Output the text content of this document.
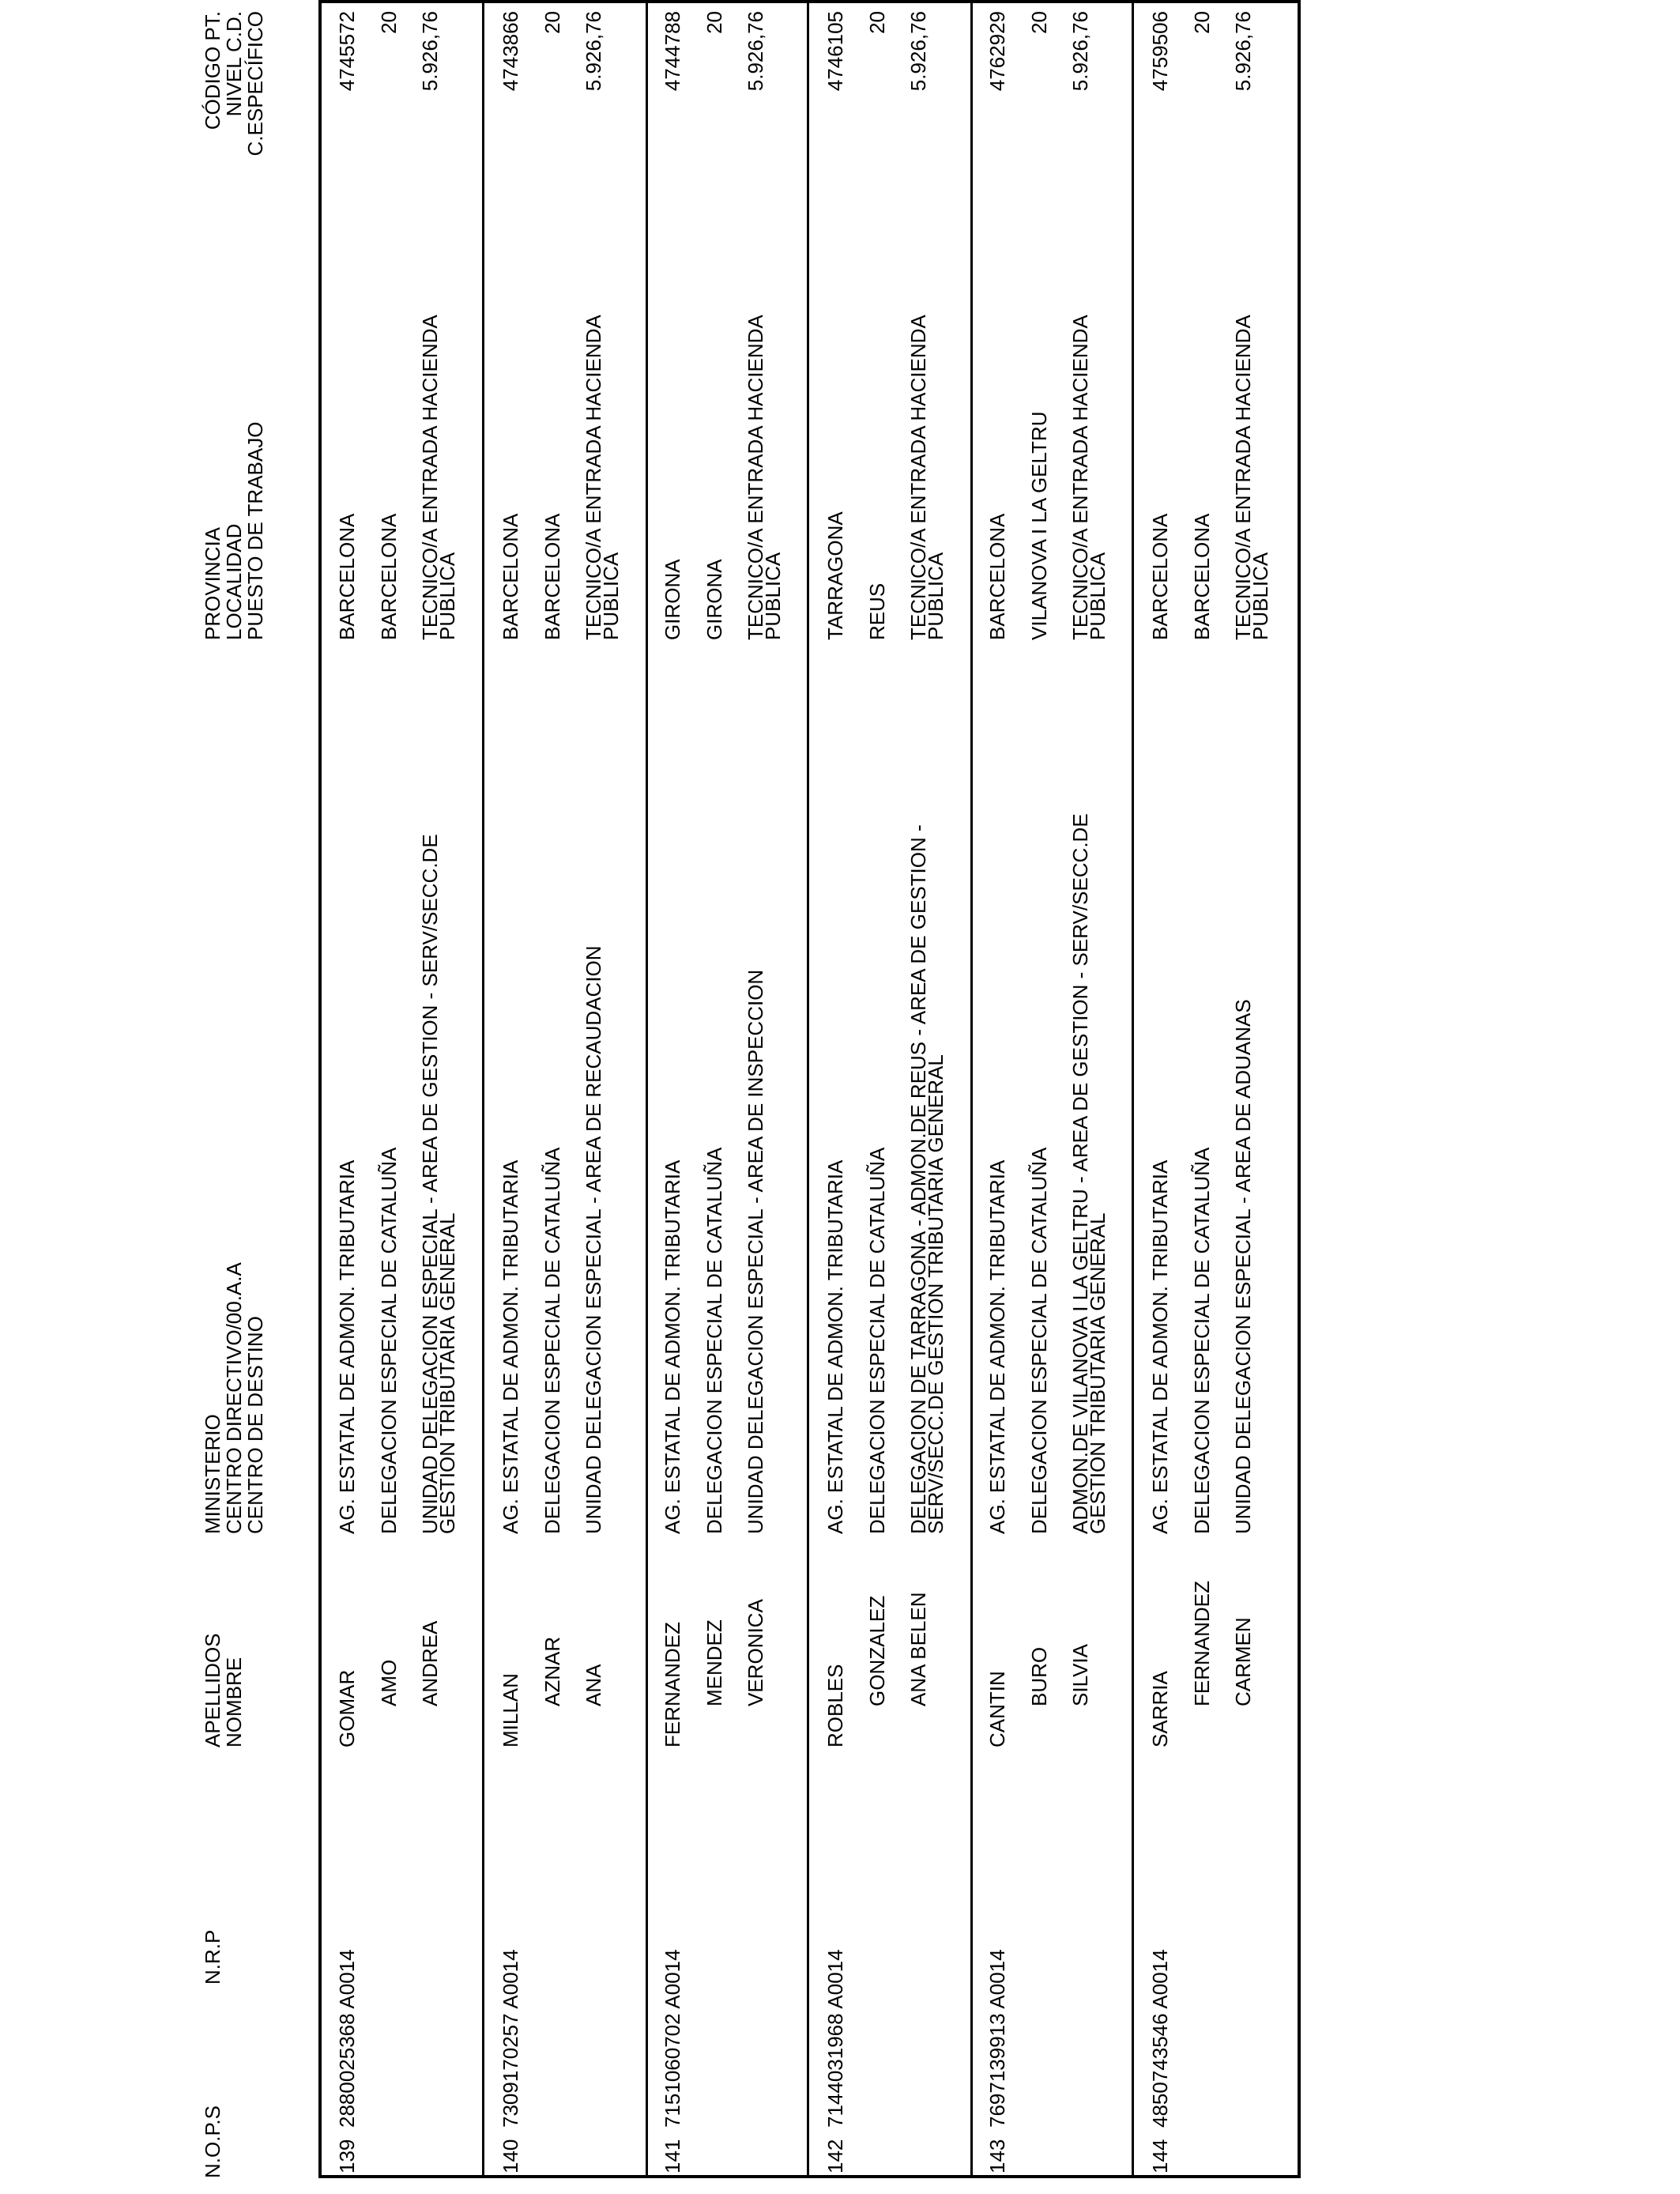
N.O.P.S
N.R.P
APELLIDOS
NOMBRE
MINISTERIO
CENTRO DIRECTIVO/00.A.A
CENTRO DE DESTINO
PROVINCIA
LOCALIDAD
PUESTO DE TRABAJO
CÓDIGO PT.
NIVEL C.D.
C.ESPECÍFICO
139
2880025368 A0014
GOMAR AMO ANDREA
AG. ESTATAL DE ADMON. TRIBUTARIA DELEGACION ESPECIAL DE CATALUÑA UNIDAD DELEGACION ESPECIAL - AREA DE GESTION - SERV/SECC.DE
GESTION TRIBUTARIA GENERAL
BARCELONA BARCELONA TECNICO/A ENTRADA HACIENDA
PUBLICA
4745572 20 5.926,76
140
7309170257 A0014
MILLAN
AZNAR ANA
AG. ESTATAL DE ADMON. TRIBUTARIA DELEGACION ESPECIAL DE CATALUÑA UNIDAD DELEGACION ESPECIAL - AREA DE RECAUDACION
BARCELONA BARCELONA TECNICO/A ENTRADA HACIENDA
PUBLICA
4743866 20 5.926,76
141
7151060702 A0014
FERNANDEZ MENDEZ VERONICA
AG. ESTATAL DE ADMON. TRIBUTARIA DELEGACION ESPECIAL DE CATALUÑA UNIDAD DELEGACION ESPECIAL - AREA DE INSPECCION
GIRONA GIRONA TECNICO/A ENTRADA HACIENDA
PUBLICA
4744788 20 5.926,76
142
7144031968 A0014
ROBLES GONZALEZ ANA BELEN
AG. ESTATAL DE ADMON. TRIBUTARIA DELEGACION ESPECIAL DE CATALUÑA DELEGACION DE TARRAGONA - ADMON.DE REUS - AREA DE GESTION -
SERV/SECC.DE GESTION TRIBUTARIA GENERAL
TARRAGONA REUS TECNICO/A ENTRADA HACIENDA
PUBLICA
4746105 20 5.926,76
143
7697139913 A0014
CANTIN BURO SILVIA
AG. ESTATAL DE ADMON. TRIBUTARIA DELEGACION ESPECIAL DE CATALUÑA ADMON.DE VILANOVA I LA GELTRU - AREA DE GESTION - SERV/SECC.DE
GESTION TRIBUTARIA GENERAL
BARCELONA VILANOVA I LA GELTRU TECNICO/A ENTRADA HACIENDA
PUBLICA
4762929 20 5.926,76
144
4850743546 A0014
SARRIA
FERNANDEZ CARMEN
AG. ESTATAL DE ADMON. TRIBUTARIA DELEGACION ESPECIAL DE CATALUÑA UNIDAD DELEGACION ESPECIAL - AREA DE ADUANAS
BARCELONA BARCELONA TECNICO/A ENTRADA HACIENDA
PUBLICA
4759506 20 5.926,76
